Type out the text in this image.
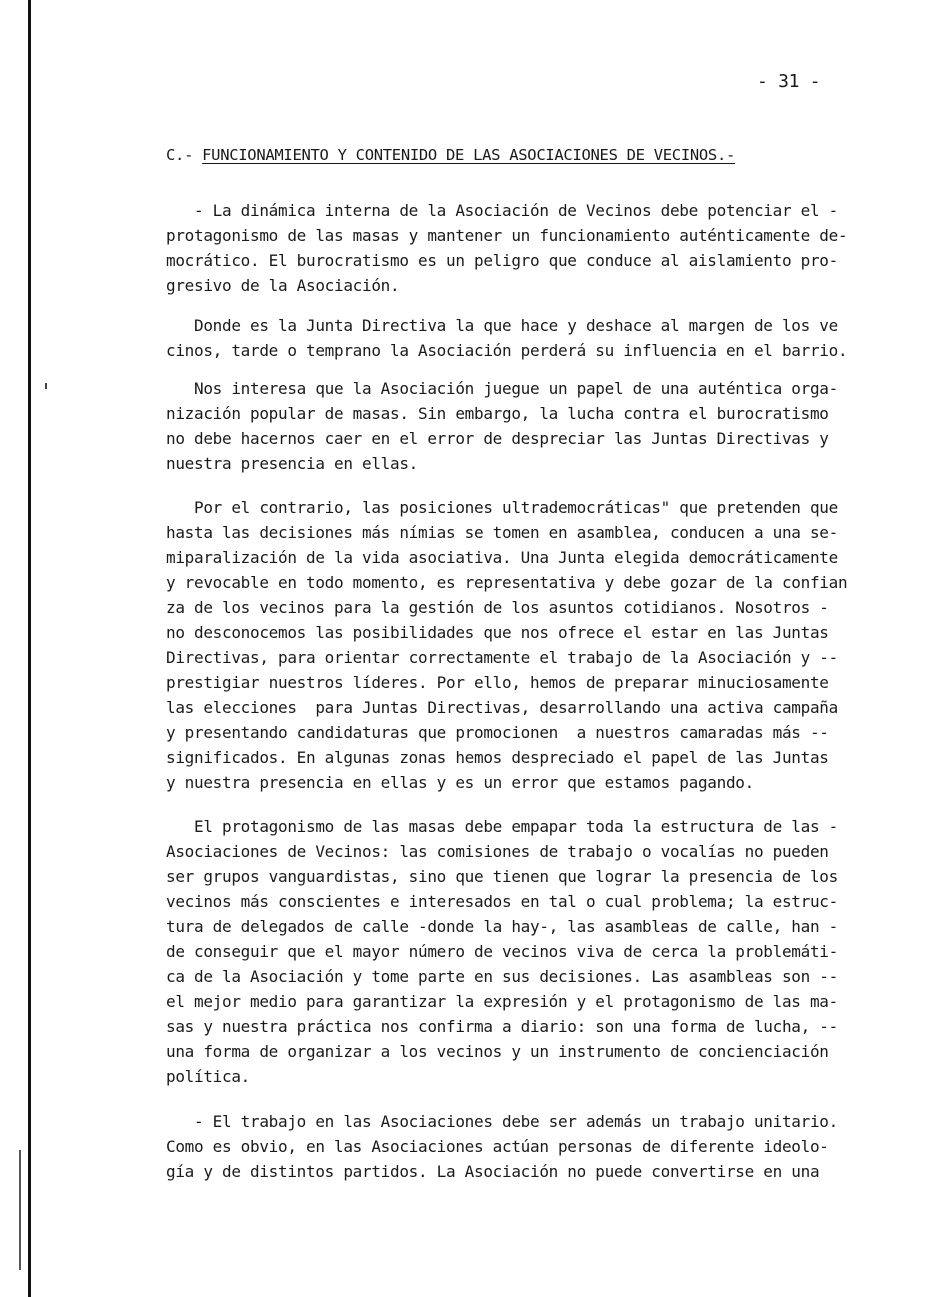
- 31 -
C.- FUNCIONAMIENTO Y CONTENIDO DE LAS ASOCIACIONES DE VECINOS.-
- La dinámica interna de la Asociación de Vecinos debe potenciar el -
protagonismo de las masas y mantener un funcionamiento auténticamente de-
mocrático. El burocratismo es un peligro que conduce al aislamiento pro-
gresivo de la Asociación.
Donde es la Junta Directiva la que hace y deshace al margen de los ve
cinos, tarde o temprano la Asociación perderá su influencia en el barrio.
Nos interesa que la Asociación juegue un papel de una auténtica orga-
nización popular de masas. Sin embargo, la lucha contra el burocratismo
no debe hacernos caer en el error de despreciar las Juntas Directivas y
nuestra presencia en ellas.
Por el contrario, las posiciones ultrademocráticas" que pretenden que
hasta las decisiones más nímias se tomen en asamblea, conducen a una se-
miparalización de la vida asociativa. Una Junta elegida democráticamente
y revocable en todo momento, es representativa y debe gozar de la confian
za de los vecinos para la gestión de los asuntos cotidianos. Nosotros -
no desconocemos las posibilidades que nos ofrece el estar en las Juntas
Directivas, para orientar correctamente el trabajo de la Asociación y --
prestigiar nuestros líderes. Por ello, hemos de preparar minuciosamente
las elecciones  para Juntas Directivas, desarrollando una activa campaña
y presentando candidaturas que promocionen  a nuestros camaradas más --
significados. En algunas zonas hemos despreciado el papel de las Juntas
y nuestra presencia en ellas y es un error que estamos pagando.
El protagonismo de las masas debe empapar toda la estructura de las -
Asociaciones de Vecinos: las comisiones de trabajo o vocalías no pueden
ser grupos vanguardistas, sino que tienen que lograr la presencia de los
vecinos más conscientes e interesados en tal o cual problema; la estruc-
tura de delegados de calle -donde la hay-, las asambleas de calle, han -
de conseguir que el mayor número de vecinos viva de cerca la problemáti-
ca de la Asociación y tome parte en sus decisiones. Las asambleas son --
el mejor medio para garantizar la expresión y el protagonismo de las ma-
sas y nuestra práctica nos confirma a diario: son una forma de lucha, --
una forma de organizar a los vecinos y un instrumento de concienciación
política.
- El trabajo en las Asociaciones debe ser además un trabajo unitario.
Como es obvio, en las Asociaciones actúan personas de diferente ideolo-
gía y de distintos partidos. La Asociación no puede convertirse en una
